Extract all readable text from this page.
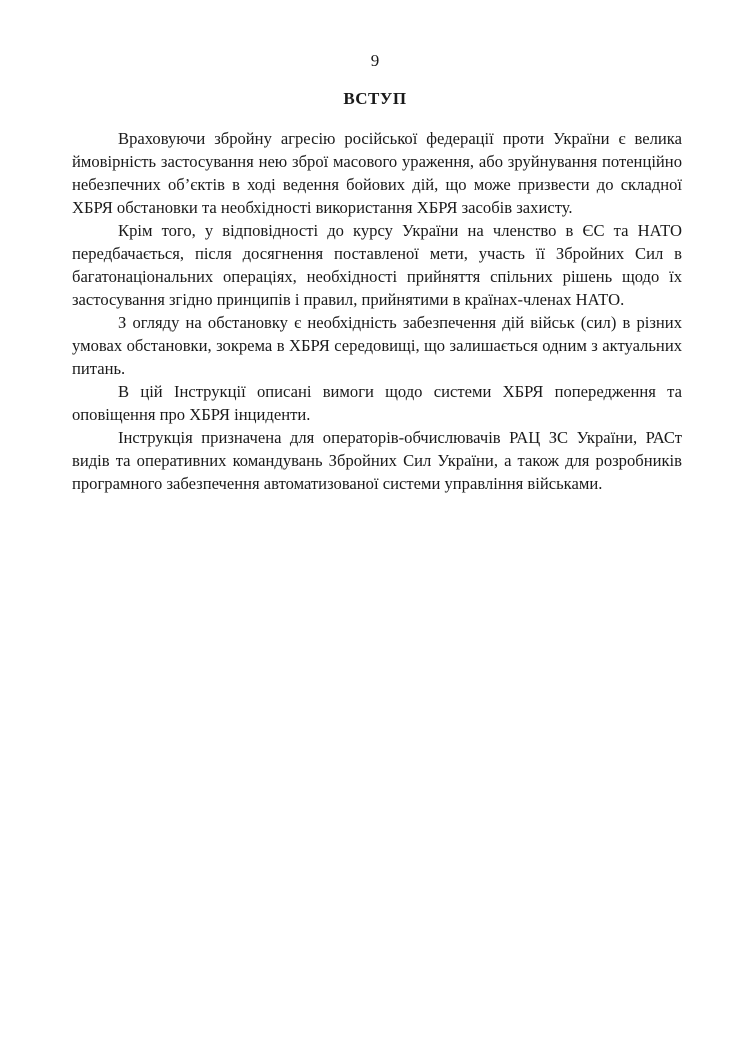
9
ВСТУП

Враховуючи збройну агресію російської федерації проти України є велика ймовірність застосування нею зброї масового ураження, або зруйнування потенційно небезпечних об’єктів в ході ведення бойових дій, що може призвести до складної ХБРЯ обстановки та необхідності використання ХБРЯ засобів захисту.

Крім того, у відповідності до курсу України на членство в ЄС та НАТО передбачається, після досягнення поставленої мети, участь її Збройних Сил в багатонаціональних операціях, необхідності прийняття спільних рішень щодо їх застосування згідно принципів і правил, прийнятими в країнах-членах НАТО.

З огляду на обстановку є необхідність забезпечення дій військ (сил) в різних умовах обстановки, зокрема в ХБРЯ середовищі, що залишається одним з актуальних питань.

В цій Інструкції описані вимоги щодо системи ХБРЯ попередження та оповіщення про ХБРЯ інциденти.

Інструкція призначена для операторів-обчислювачів РАЦ ЗС України, РАСт видів та оперативних командувань Збройних Сил України, а також для розробників програмного забезпечення автоматизованої системи управління військами.
